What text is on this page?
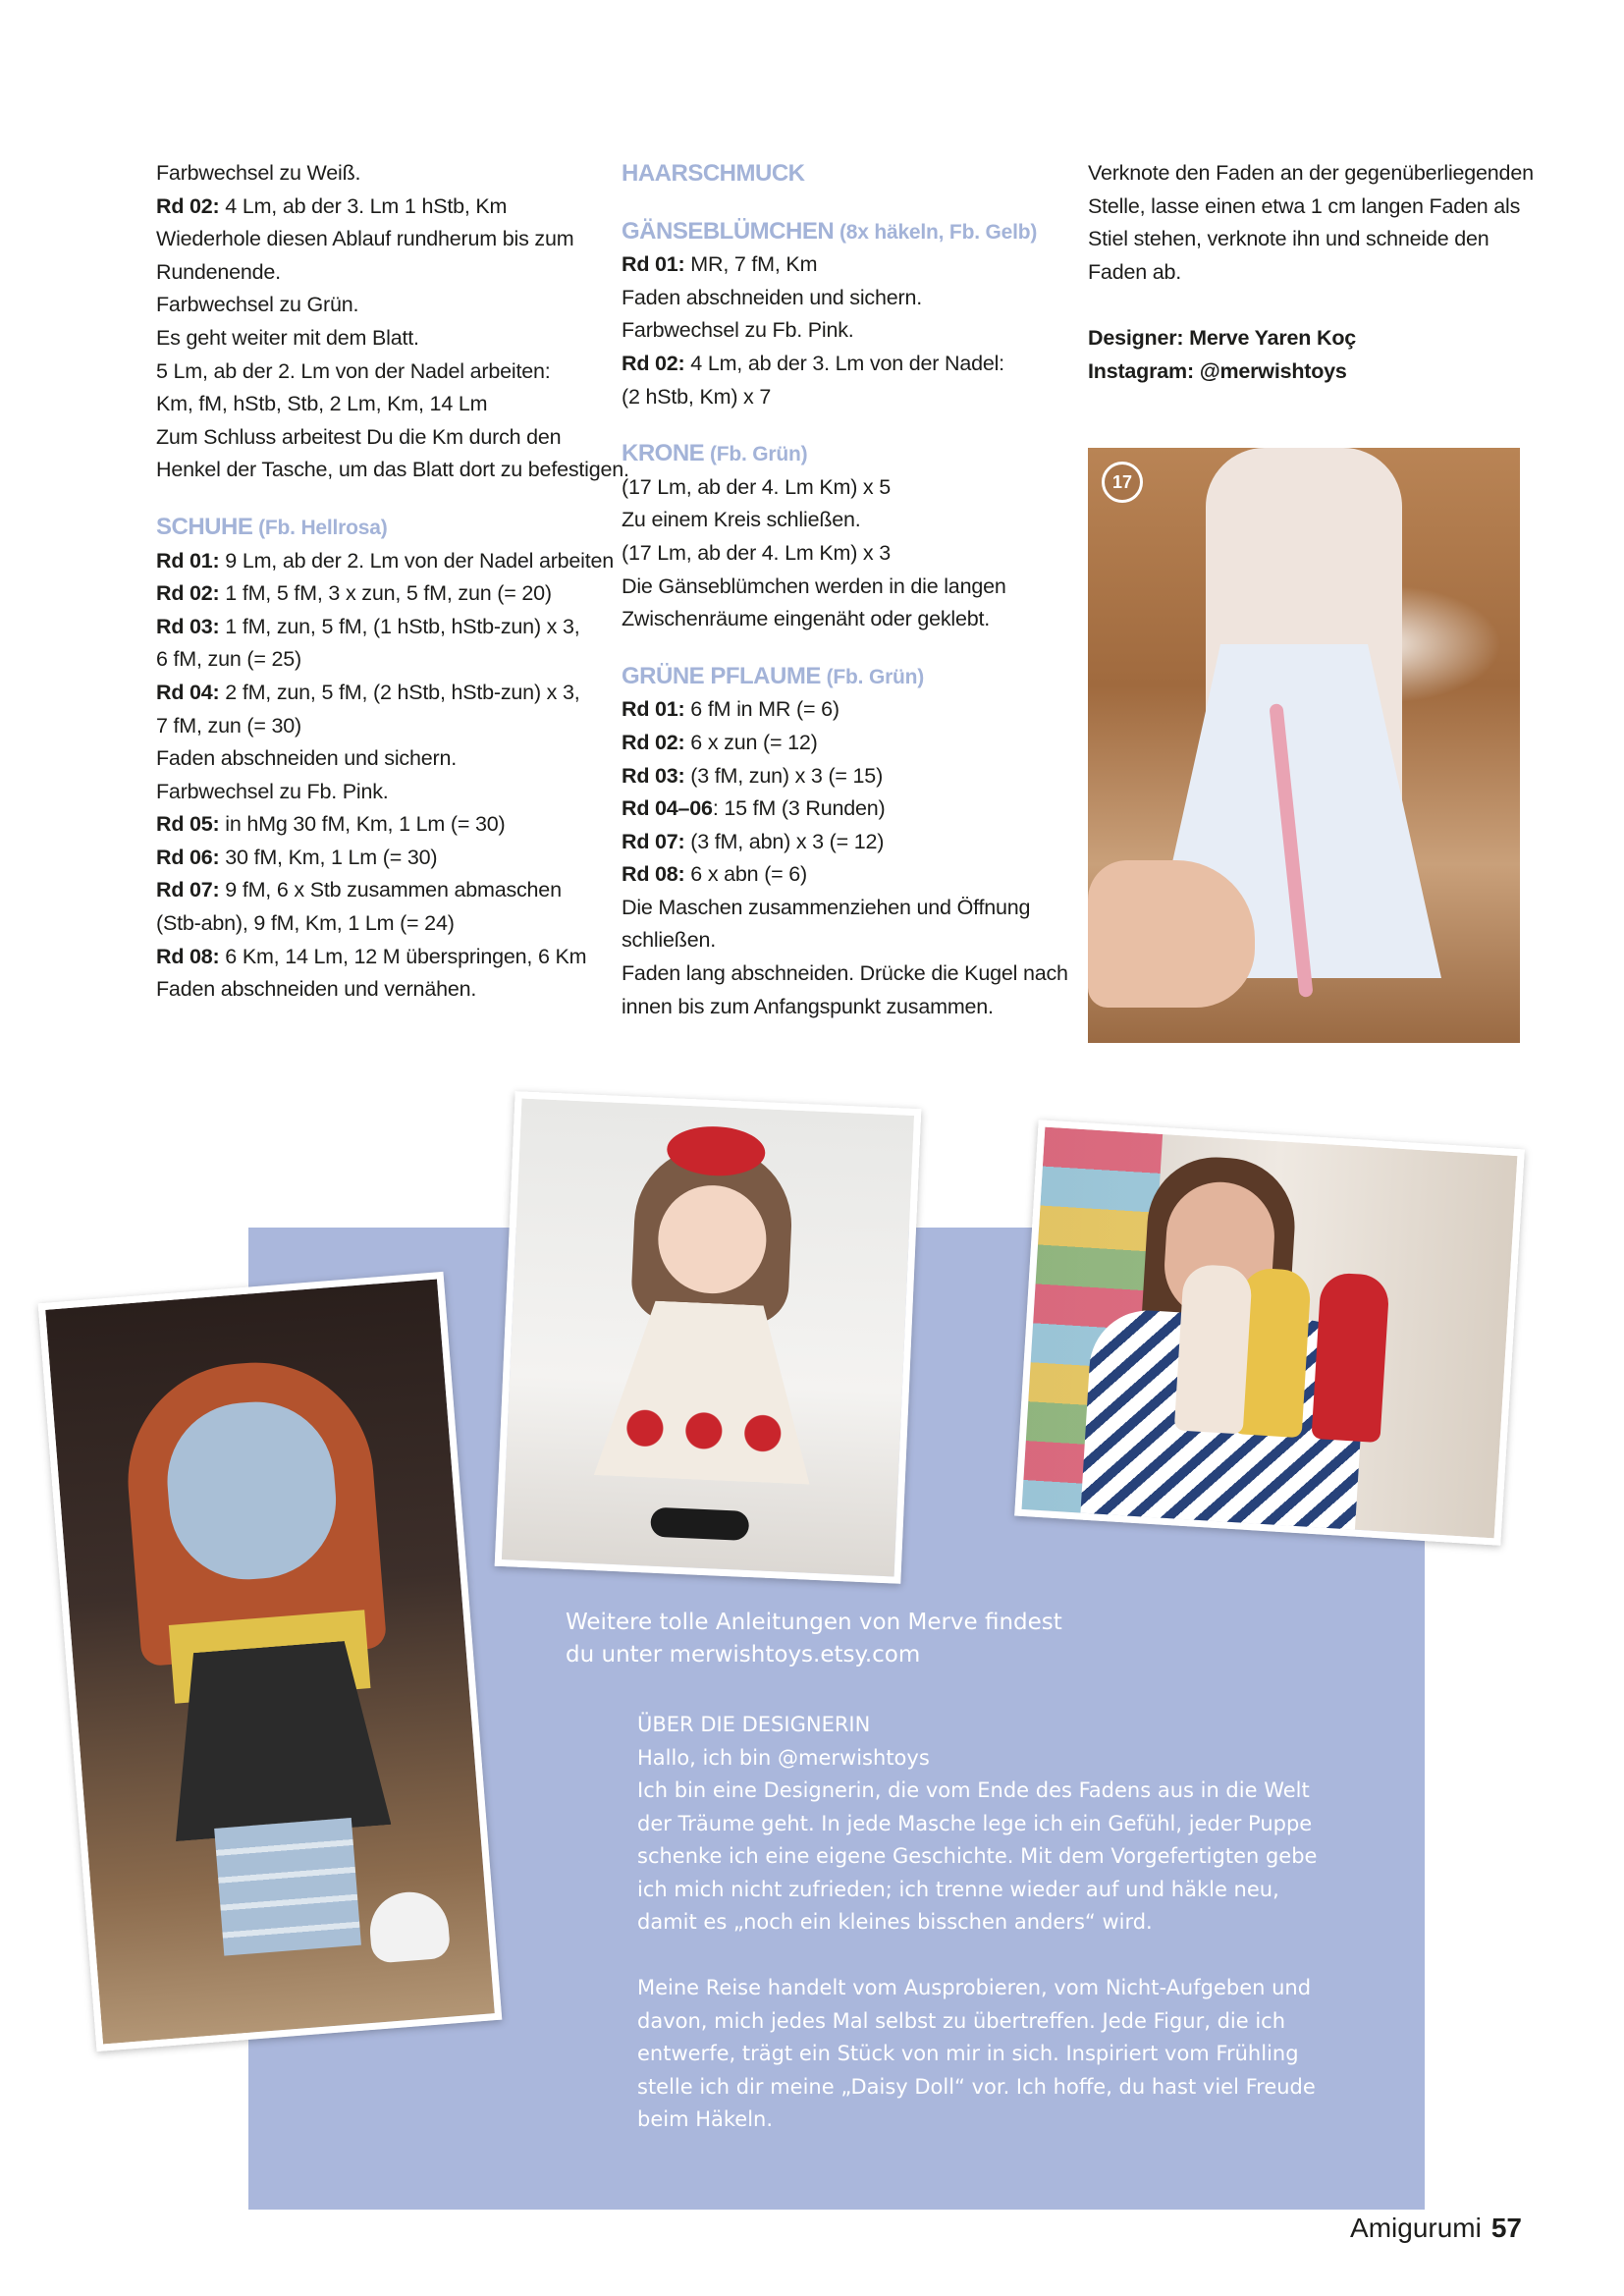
Farbwechsel zu Weiß.
Rd 02: 4 Lm, ab der 3. Lm 1 hStb, Km
Wiederhole diesen Ablauf rundherum bis zum
Rundenende.
Farbwechsel zu Grün.
Es geht weiter mit dem Blatt.
5 Lm, ab der 2. Lm von der Nadel arbeiten:
Km, fM, hStb, Stb, 2 Lm, Km, 14 Lm
Zum Schluss arbeitest Du die Km durch den
Henkel der Tasche, um das Blatt dort zu befestigen.
SCHUHE (Fb. Hellrosa)
Rd 01: 9 Lm, ab der 2. Lm von der Nadel arbeiten
Rd 02: 1 fM, 5 fM, 3 x zun, 5 fM, zun (= 20)
Rd 03: 1 fM, zun, 5 fM, (1 hStb, hStb-zun) x 3,
6 fM, zun (= 25)
Rd 04: 2 fM, zun, 5 fM, (2 hStb, hStb-zun) x 3,
7 fM, zun (= 30)
Faden abschneiden und sichern.
Farbwechsel zu Fb. Pink.
Rd 05: in hMg 30 fM, Km, 1 Lm (= 30)
Rd 06: 30 fM, Km, 1 Lm (= 30)
Rd 07: 9 fM, 6 x Stb zusammen abmaschen
(Stb-abn), 9 fM, Km, 1 Lm (= 24)
Rd 08: 6 Km, 14 Lm, 12 M überspringen, 6 Km
Faden abschneiden und vernähen.
HAARSCHMUCK
GÄNSEBLÜMCHEN (8x häkeln, Fb. Gelb)
Rd 01: MR, 7 fM, Km
Faden abschneiden und sichern.
Farbwechsel zu Fb. Pink.
Rd 02: 4 Lm, ab der 3. Lm von der Nadel:
(2 hStb, Km) x 7
KRONE (Fb. Grün)
(17 Lm, ab der 4. Lm Km) x 5
Zu einem Kreis schließen.
(17 Lm, ab der 4. Lm Km) x 3
Die Gänseblümchen werden in die langen
Zwischenräume eingenäht oder geklebt.
GRÜNE PFLAUME (Fb. Grün)
Rd 01: 6 fM in MR (= 6)
Rd 02: 6 x zun (= 12)
Rd 03: (3 fM, zun) x 3 (= 15)
Rd 04–06: 15 fM (3 Runden)
Rd 07: (3 fM, abn) x 3 (= 12)
Rd 08: 6 x abn (= 6)
Die Maschen zusammenziehen und Öffnung
schließen.
Faden lang abschneiden. Drücke die Kugel nach
innen bis zum Anfangspunkt zusammen.
Verknote den Faden an der gegenüberliegenden
Stelle, lasse einen etwa 1 cm langen Faden als
Stiel stehen, verknote ihn und schneide den
Faden ab.
Designer: Merve Yaren Koç
Instagram: @merwishtoys
17
Weitere tolle Anleitungen von Merve findest
du unter merwishtoys.etsy.com
ÜBER DIE DESIGNERIN
Hallo, ich bin @merwishtoys
Ich bin eine Designerin, die vom Ende des Fadens aus in die Welt
der Träume geht. In jede Masche lege ich ein Gefühl, jeder Puppe
schenke ich eine eigene Geschichte. Mit dem Vorgefertigten gebe
ich mich nicht zufrieden; ich trenne wieder auf und häkle neu,
damit es „noch ein kleines bisschen anders“ wird.
Meine Reise handelt vom Ausprobieren, vom Nicht-Aufgeben und
davon, mich jedes Mal selbst zu übertreffen. Jede Figur, die ich
entwerfe, trägt ein Stück von mir in sich. Inspiriert vom Frühling
stelle ich dir meine „Daisy Doll“ vor. Ich hoffe, du hast viel Freude
beim Häkeln.
Amigurumi 57
